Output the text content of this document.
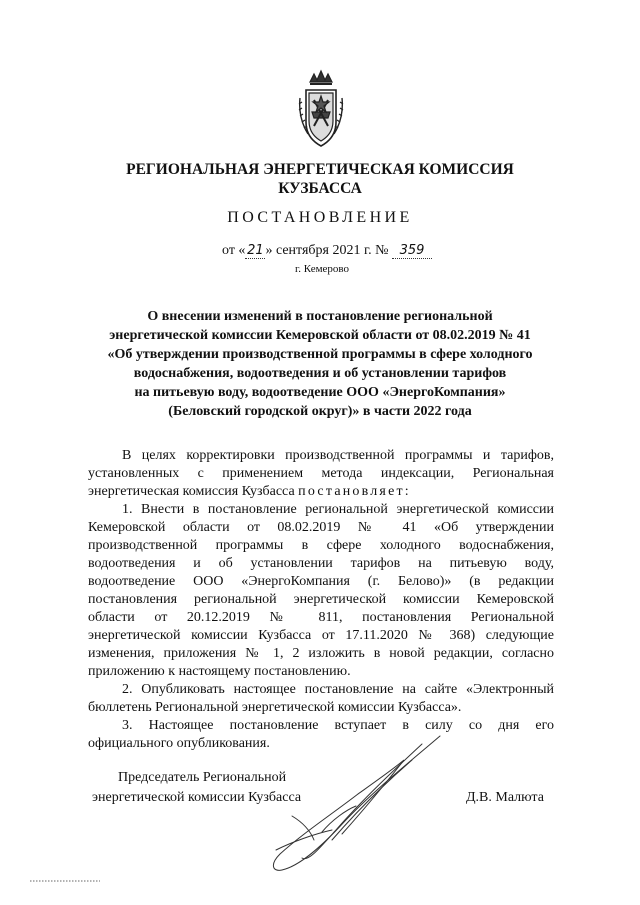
РЕГИОНАЛЬНАЯ ЭНЕРГЕТИЧЕСКАЯ КОМИССИЯ
КУЗБАССА
ПОСТАНОВЛЕНИЕ
от « 21 » сентября 2021 г. № 359
г. Кемерово
О внесении изменений в постановление региональной
энергетической комиссии Кемеровской области от 08.02.2019 № 41
«Об утверждении производственной программы в сфере холодного
водоснабжения, водоотведения и об установлении тарифов
на питьевую воду, водоотведение ООО «ЭнергоКомпания»
(Беловский городской округ)» в части 2022 года
В целях корректировки производственной программы и тарифов,
установленных с применением метода индексации, Региональная
энергетическая комиссия Кузбасса постановляет:
1. Внести в постановление региональной энергетической комиссии
Кемеровской области от 08.02.2019 № 41 «Об утверждении
производственной программы в сфере холодного водоснабжения,
водоотведения и об установлении тарифов на питьевую воду,
водоотведение ООО «ЭнергоКомпания (г. Белово)» (в редакции
постановления региональной энергетической комиссии Кемеровской
области от 20.12.2019 № 811, постановления Региональной
энергетической комиссии Кузбасса от 17.11.2020 № 368) следующие
изменения, приложения № 1, 2 изложить в новой редакции, согласно
приложению к настоящему постановлению.
2. Опубликовать настоящее постановление на сайте «Электронный
бюллетень Региональной энергетической комиссии Кузбасса».
3. Настоящее постановление вступает в силу со дня его
официального опубликования.
Председатель Региональной
энергетической комиссии Кузбасса	Д.В. Малюта
